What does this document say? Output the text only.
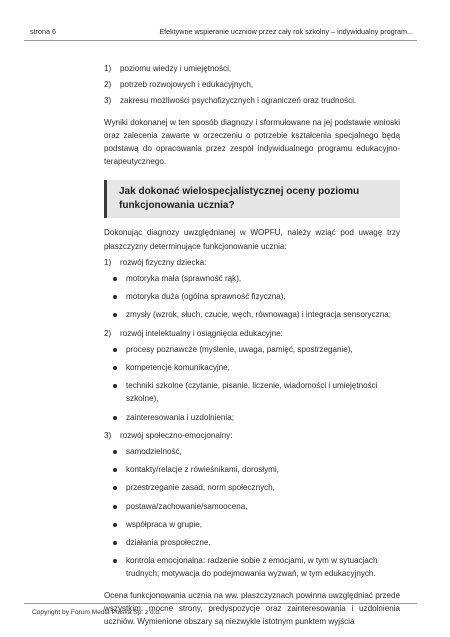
strona 6	Efektywne wspieranie uczniów przez cały rok szkolny – indywidualny program...
1) poziomu wiedzy i umiejętności,
2) potrzeb rozwojowych i edukacyjnych,
3) zakresu możliwości psychofizycznych i ograniczeń oraz trudności.

Wyniki dokonanej w ten sposób diagnozy i sformułowane na jej podstawie wnioski oraz zalecenia zawarte w orzeczeniu o potrzebie kształcenia specjalnego będą podstawą do opracowania przez zespół indywidualnego programu edukacyjno-terapeutycznego.

Jak dokonać wielospecjalistycznej oceny poziomu funkcjonowania ucznia?

Dokonując diagnozy uwzględnianej w WOPFU, należy wziąć pod uwagę trzy płaszczyzny determinujące funkcjonowanie ucznia:

1) rozwój fizyczny dziecka:
motoryka mała (sprawność rąk),
motoryka duża (ogólna sprawność fizyczna),
zmysły (wzrok, słuch, czucie, węch, równowaga) i integracja sensoryczna;
2) rozwój intelektualny i osiągnięcia edukacyjne:
procesy poznawcze (myślenie, uwaga, pamięć, spostrzeganie),
kompetencje komunikacyjne,
techniki szkolne (czytanie, pisanie, liczenie, wiadomości i umiejętności szkolne),
zainteresowania i uzdolnienia;
3) rozwój społeczno-emocjonalny:
samodzielność,
kontakty/relacje z rówieśnikami, dorosłymi,
przestrzeganie zasad, norm społecznych,
postawa/zachowanie/samoocena,
współpraca w grupie,
działania prospołeczne,
kontrola emocjonalna: radzenie sobie z emocjami, w tym w sytuacjach trudnych; motywacja do podejmowania wyzwań, w tym edukacyjnych.

Ocena funkcjonowania ucznia na ww. płaszczyznach powinna uwzględniać przede wszystkim: mocne strony, predyspozycje oraz zainteresowania i uzdolnienia uczniów. Wymienione obszary są niezwykle istotnym punktem wyjścia

Copyright by Forum Media Polska Sp. z o.o.
